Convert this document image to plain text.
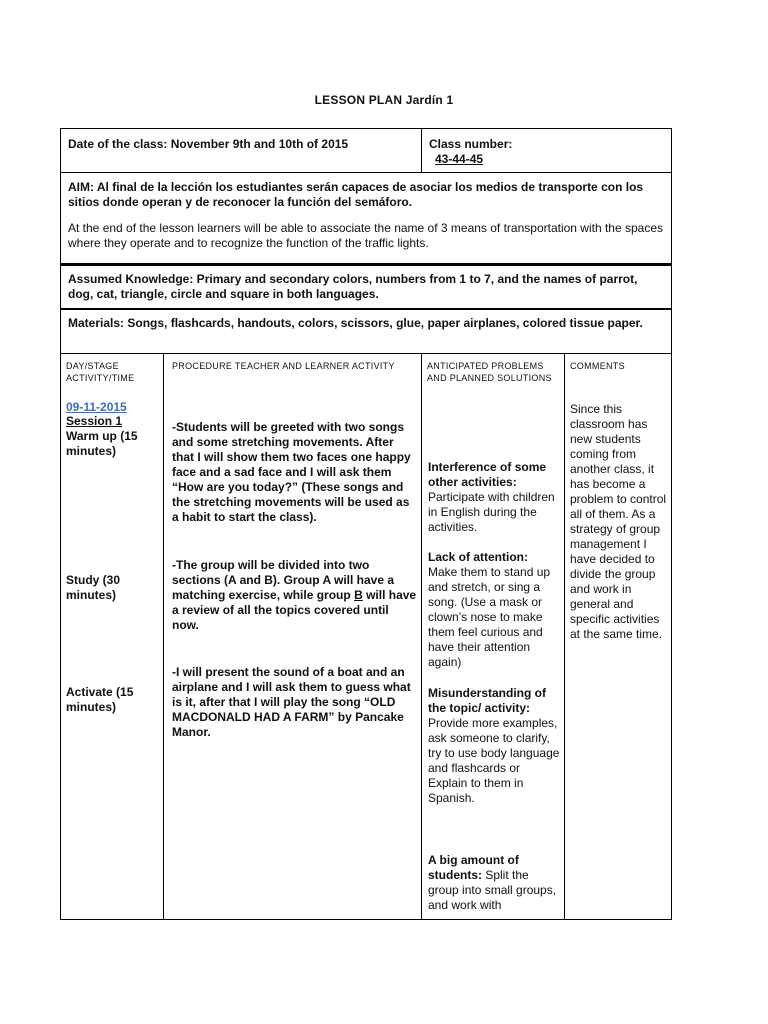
LESSON PLAN Jardín 1
Date of the class: November 9th and 10th of 2015	Class number:
43-44-45
AIM: Al final de la lección los estudiantes serán capaces de asociar los medios de transporte con los sitios donde operan y de reconocer la función del semáforo.
At the end of the lesson learners will be able to associate the name of 3 means of transportation with the spaces where they operate and to recognize the function of the traffic lights.
Assumed Knowledge: Primary and secondary colors, numbers from 1 to 7, and the names of parrot, dog, cat, triangle, circle and square in both languages.
Materials: Songs, flashcards, handouts, colors, scissors, glue, paper airplanes, colored tissue paper.
DAY/STAGE ACTIVITY/TIME
09-11-2015
Session 1
Warm up (15 minutes)
Study (30 minutes)
Activate (15 minutes)
PROCEDURE TEACHER AND LEARNER ACTIVITY
-Students will be greeted with two songs and some stretching movements. After that I will show them two faces one happy face and a sad face and I will ask them “How are you today?” (These songs and the stretching movements will be used as a habit to start the class).
-The group will be divided into two sections (A and B). Group A will have a matching exercise, while group B will have a review of all the topics covered until now.
-I will present the sound of a boat and an airplane and I will ask them to guess what is it, after that I will play the song “OLD MACDONALD HAD A FARM” by Pancake Manor.
ANTICIPATED PROBLEMS AND PLANNED SOLUTIONS
Interference of some other activities: Participate with children in English during the activities.
Lack of attention: Make them to stand up and stretch, or sing a song. (Use a mask or clown’s nose to make them feel curious and have their attention again)
Misunderstanding of the topic/ activity: Provide more examples, ask someone to clarify, try to use body language and flashcards or Explain to them in Spanish.
A big amount of students: Split the group into small groups, and work with
COMMENTS
Since this classroom has new students coming from another class, it has become a problem to control all of them. As a strategy of group management I have decided to divide the group and work in general and specific activities at the same time.
